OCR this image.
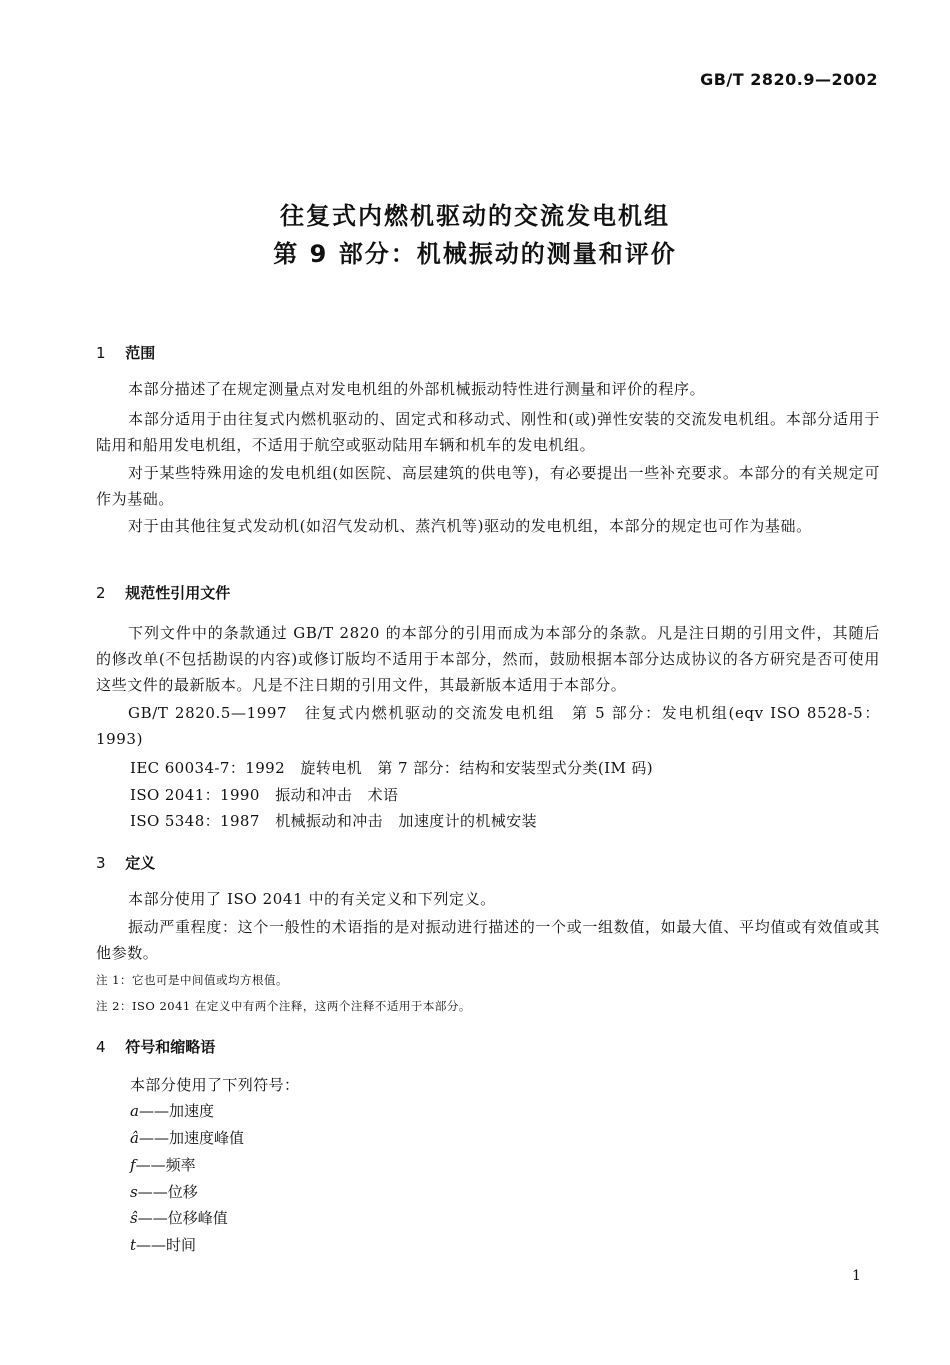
GB/T 2820.9—2002
往复式内燃机驱动的交流发电机组
第 9 部分：机械振动的测量和评价
1 范围
本部分描述了在规定测量点对发电机组的外部机械振动特性进行测量和评价的程序。
本部分适用于由往复式内燃机驱动的、固定式和移动式、刚性和(或)弹性安装的交流发电机组。本部分适用于陆用和船用发电机组，不适用于航空或驱动陆用车辆和机车的发电机组。
对于某些特殊用途的发电机组(如医院、高层建筑的供电等)，有必要提出一些补充要求。本部分的有关规定可作为基础。
对于由其他往复式发动机(如沼气发动机、蒸汽机等)驱动的发电机组，本部分的规定也可作为基础。
2 规范性引用文件
下列文件中的条款通过 GB/T 2820 的本部分的引用而成为本部分的条款。凡是注日期的引用文件，其随后的修改单(不包括勘误的内容)或修订版均不适用于本部分，然而，鼓励根据本部分达成协议的各方研究是否可使用这些文件的最新版本。凡是不注日期的引用文件，其最新版本适用于本部分。
GB/T 2820.5—1997　往复式内燃机驱动的交流发电机组　第 5 部分：发电机组(eqv ISO 8528-5：1993)
IEC 60034-7：1992　旋转电机　第 7 部分：结构和安装型式分类(IM 码)
ISO 2041：1990　振动和冲击　术语
ISO 5348：1987　机械振动和冲击　加速度计的机械安装
3 定义
本部分使用了 ISO 2041 中的有关定义和下列定义。
振动严重程度：这个一般性的术语指的是对振动进行描述的一个或一组数值，如最大值、平均值或有效值或其他参数。
注 1：它也可是中间值或均方根值。
注 2：ISO 2041 在定义中有两个注释，这两个注释不适用于本部分。
4 符号和缩略语
本部分使用了下列符号：
a——加速度
â——加速度峰值
f——频率
s——位移
ŝ——位移峰值
t——时间
1
